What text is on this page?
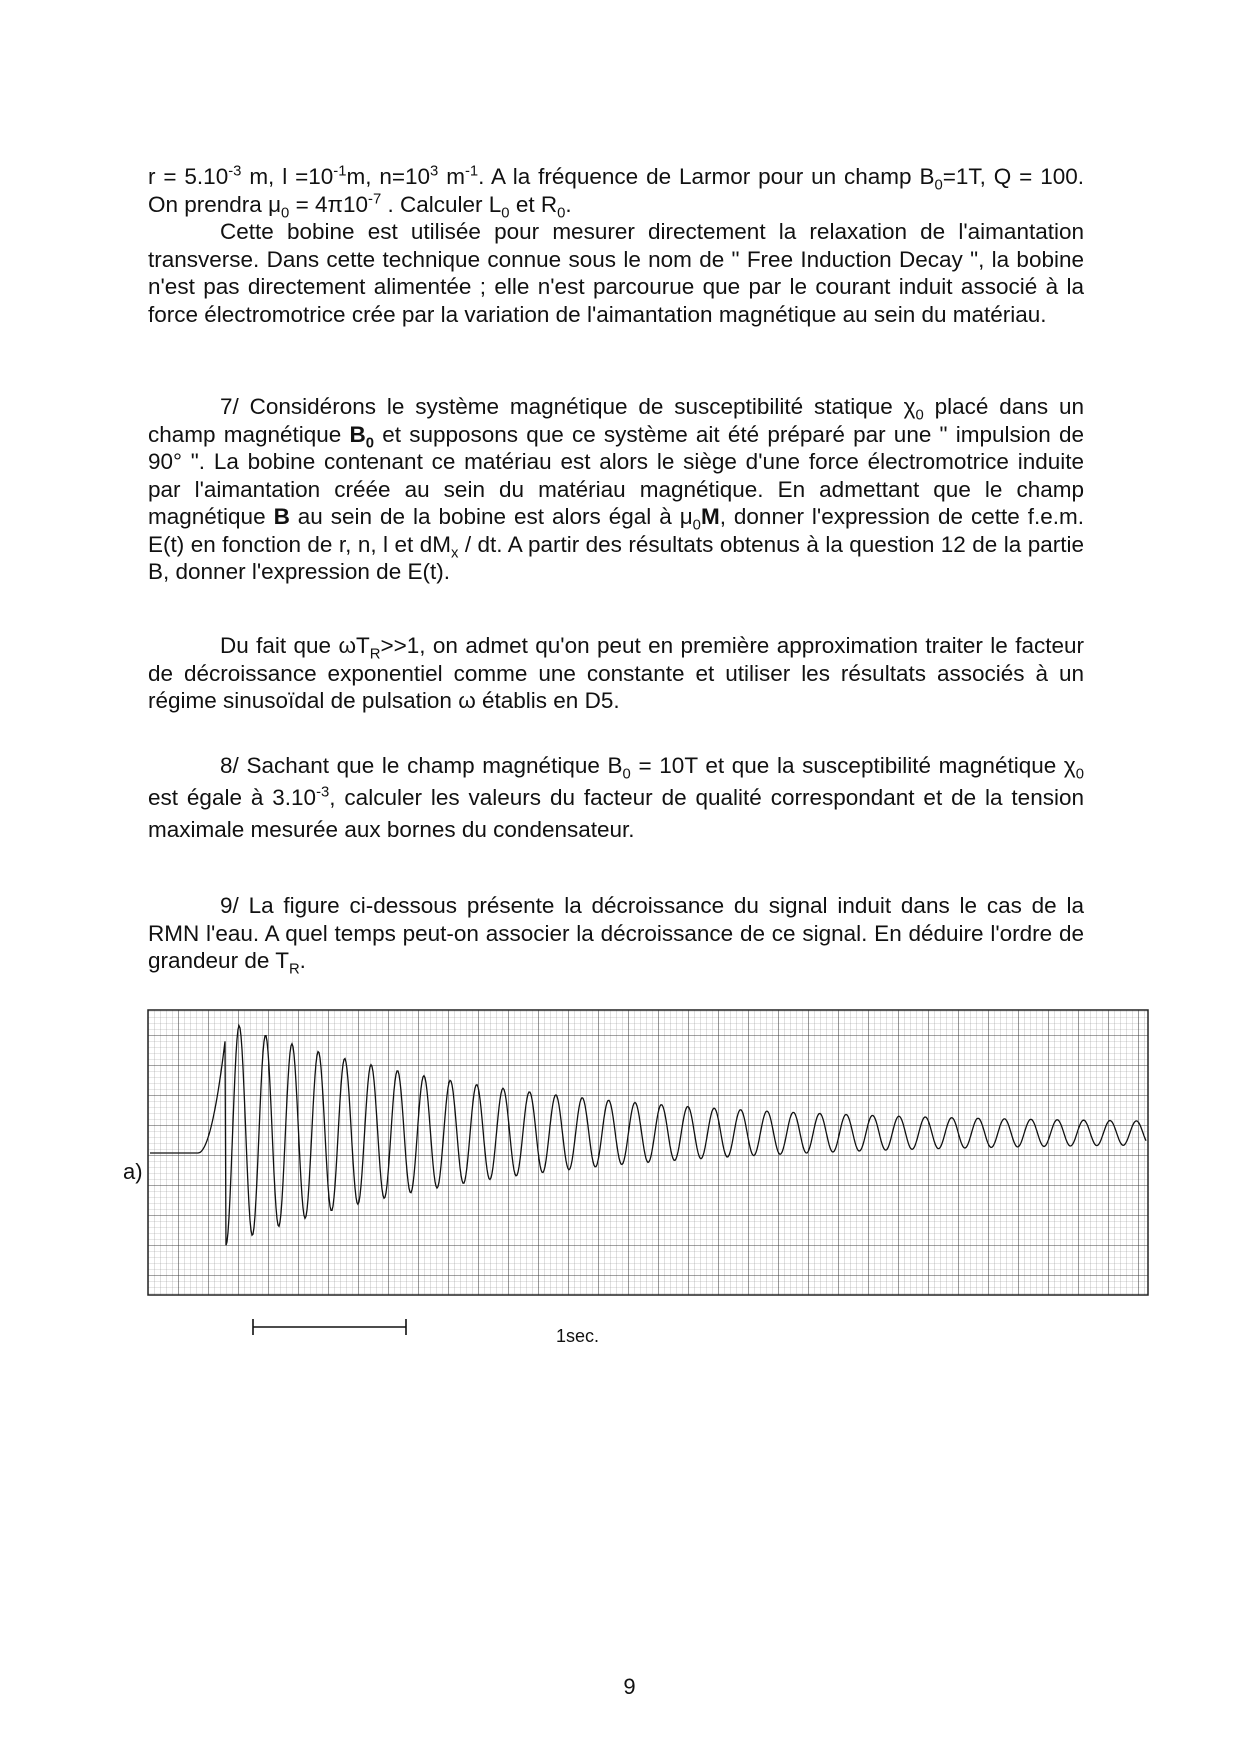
$r = 5.10^{-3}$ m, $l =10^{-1}m$, $n=10^3$ $m^{-1}$. A la fréquence de Larmor pour un champ $B_0=1T$, Q = 100. On prendra $\mu_0 = 4\pi 10^{-7}$ . Calculer $L_0$ et $R_0$.

Cette bobine est utilisée pour mesurer directement la relaxation de l'aimantation transverse. Dans cette technique connue sous le nom de " Free Induction Decay ", la bobine n'est pas directement alimentée ; elle n'est parcourue que par le courant induit associé à la force électromotrice crée par la variation de l'aimantation magnétique au sein du matériau.

7/ Considérons le système magnétique de susceptibilité statique $\chi_0$ placé dans un champ magnétique $B_0$ et supposons que ce système ait été préparé par une " impulsion de 90° ". La bobine contenant ce matériau est alors le siège d'une force électromotrice induite par l'aimantation créée au sein du matériau magnétique. En admettant que le champ magnétique B au sein de la bobine est alors égal à $\mu_0M$, donner l'expression de cette f.e.m. E(t) en fonction de r, n, l et $dM_x$ / dt. A partir des résultats obtenus à la question 12 de la partie B, donner l'expression de E(t).

Du fait que $\omega T_R>>1$, on admet qu'on peut en première approximation traiter le facteur de décroissance exponentiel comme une constante et utiliser les résultats associés à un régime sinusoïdal de pulsation ω établis en D5.

8/ Sachant que le champ magnétique $B_0 = 10T$ et que la susceptibilité magnétique $\chi_0$ est égale à $3.10^{-3}$, calculer les valeurs du facteur de qualité correspondant et de la tension maximale mesurée aux bornes du condensateur.

9/ La figure ci-dessous présente la décroissance du signal induit dans le cas de la RMN l'eau. A quel temps peut-on associer la décroissance de ce signal. En déduire l'ordre de grandeur de $T_R$.

a)
1sec.
9
